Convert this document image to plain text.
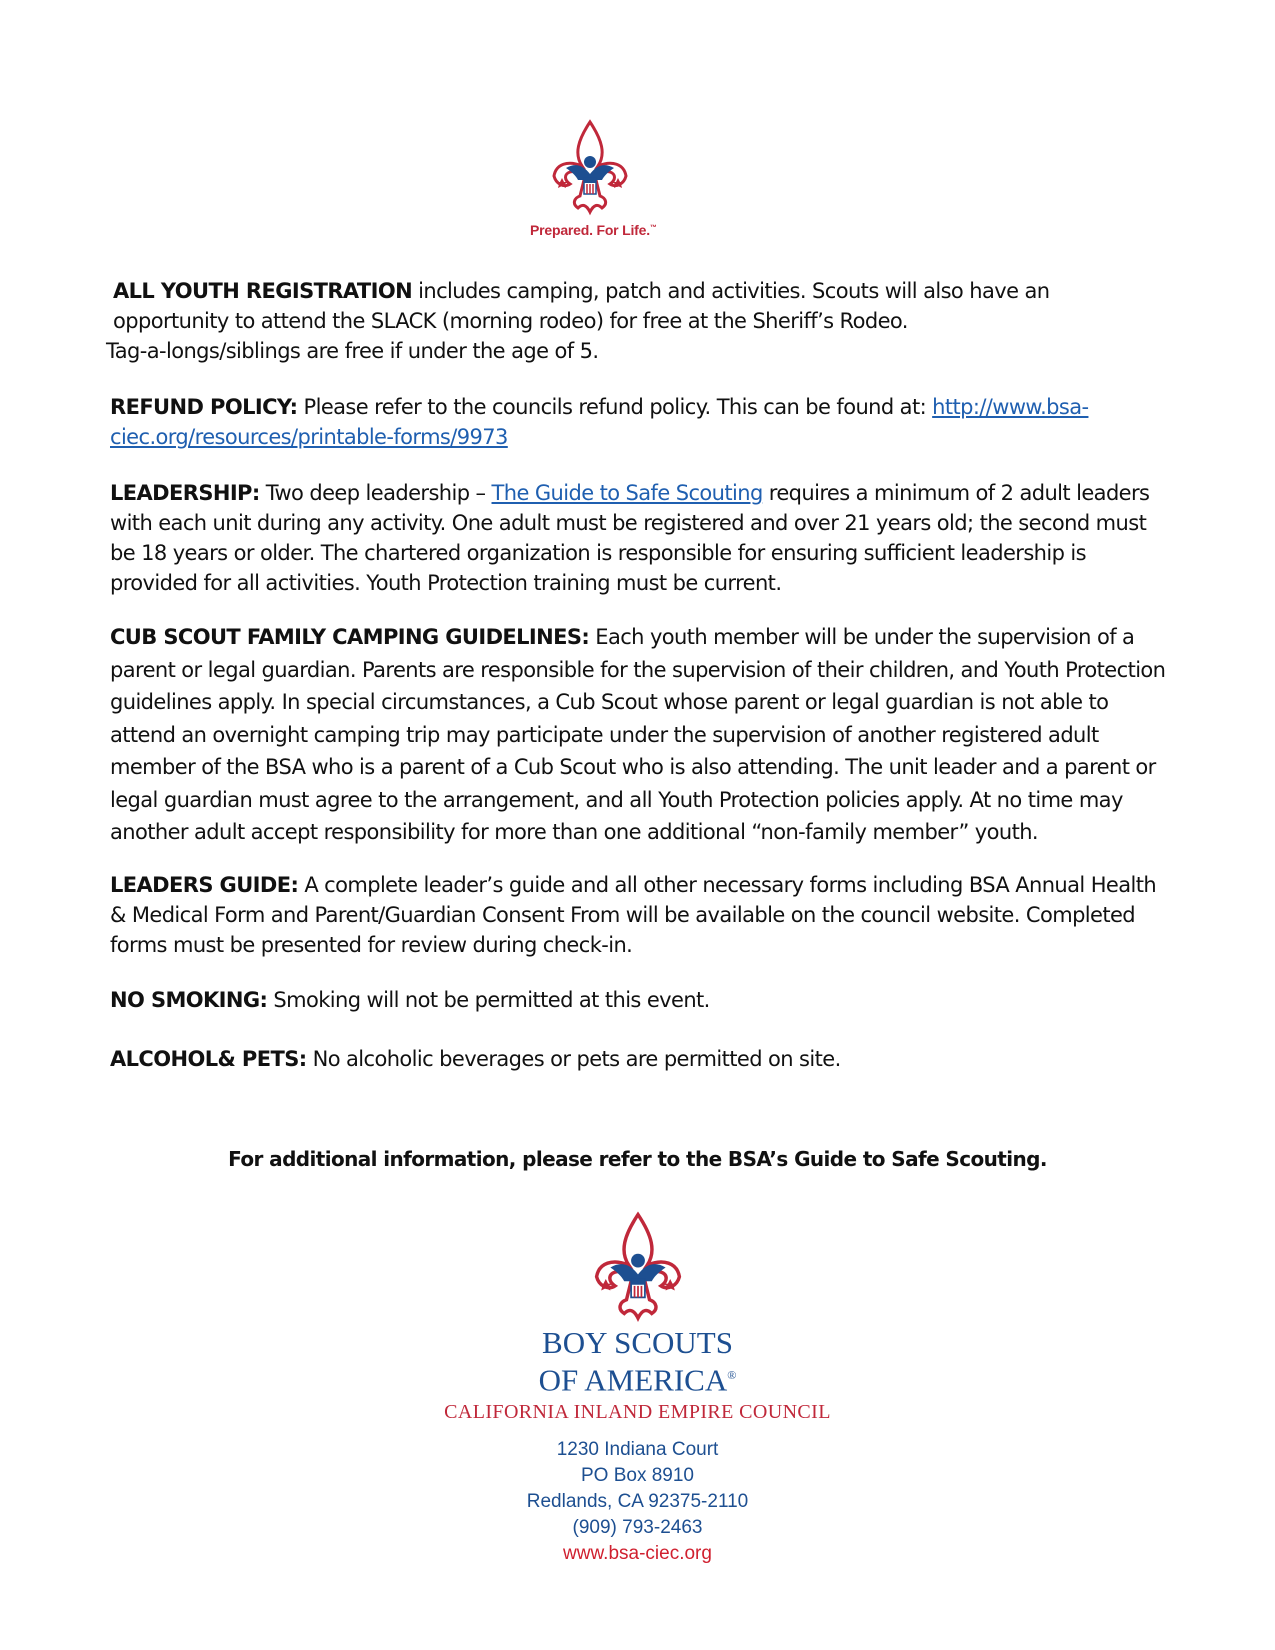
Prepared. For Life.™
ALL YOUTH REGISTRATION includes camping, patch and activities. Scouts will also have an
opportunity to attend the SLACK (morning rodeo) for free at the Sheriff’s Rodeo.
Tag-a-longs/siblings are free if under the age of 5.

REFUND POLICY: Please refer to the councils refund policy. This can be found at: http://www.bsa-ciec.org/resources/printable-forms/9973

LEADERSHIP: Two deep leadership – The Guide to Safe Scouting requires a minimum of 2 adult leaders with each unit during any activity. One adult must be registered and over 21 years old; the second must be 18 years or older. The chartered organization is responsible for ensuring sufficient leadership is provided for all activities. Youth Protection training must be current.

CUB SCOUT FAMILY CAMPING GUIDELINES: Each youth member will be under the supervision of a parent or legal guardian. Parents are responsible for the supervision of their children, and Youth Protection guidelines apply. In special circumstances, a Cub Scout whose parent or legal guardian is not able to attend an overnight camping trip may participate under the supervision of another registered adult member of the BSA who is a parent of a Cub Scout who is also attending. The unit leader and a parent or legal guardian must agree to the arrangement, and all Youth Protection policies apply. At no time may another adult accept responsibility for more than one additional “non-family member” youth.

LEADERS GUIDE: A complete leader’s guide and all other necessary forms including BSA Annual Health & Medical Form and Parent/Guardian Consent From will be available on the council website. Completed forms must be presented for review during check-in.

NO SMOKING: Smoking will not be permitted at this event.

ALCOHOL& PETS: No alcoholic beverages or pets are permitted on site.

For additional information, please refer to the BSA’s Guide to Safe Scouting.
BOY SCOUTS
OF AMERICA®
CALIFORNIA INLAND EMPIRE COUNCIL
1230 Indiana Court
PO Box 8910
Redlands, CA 92375-2110
(909) 793-2463
www.bsa-ciec.org
